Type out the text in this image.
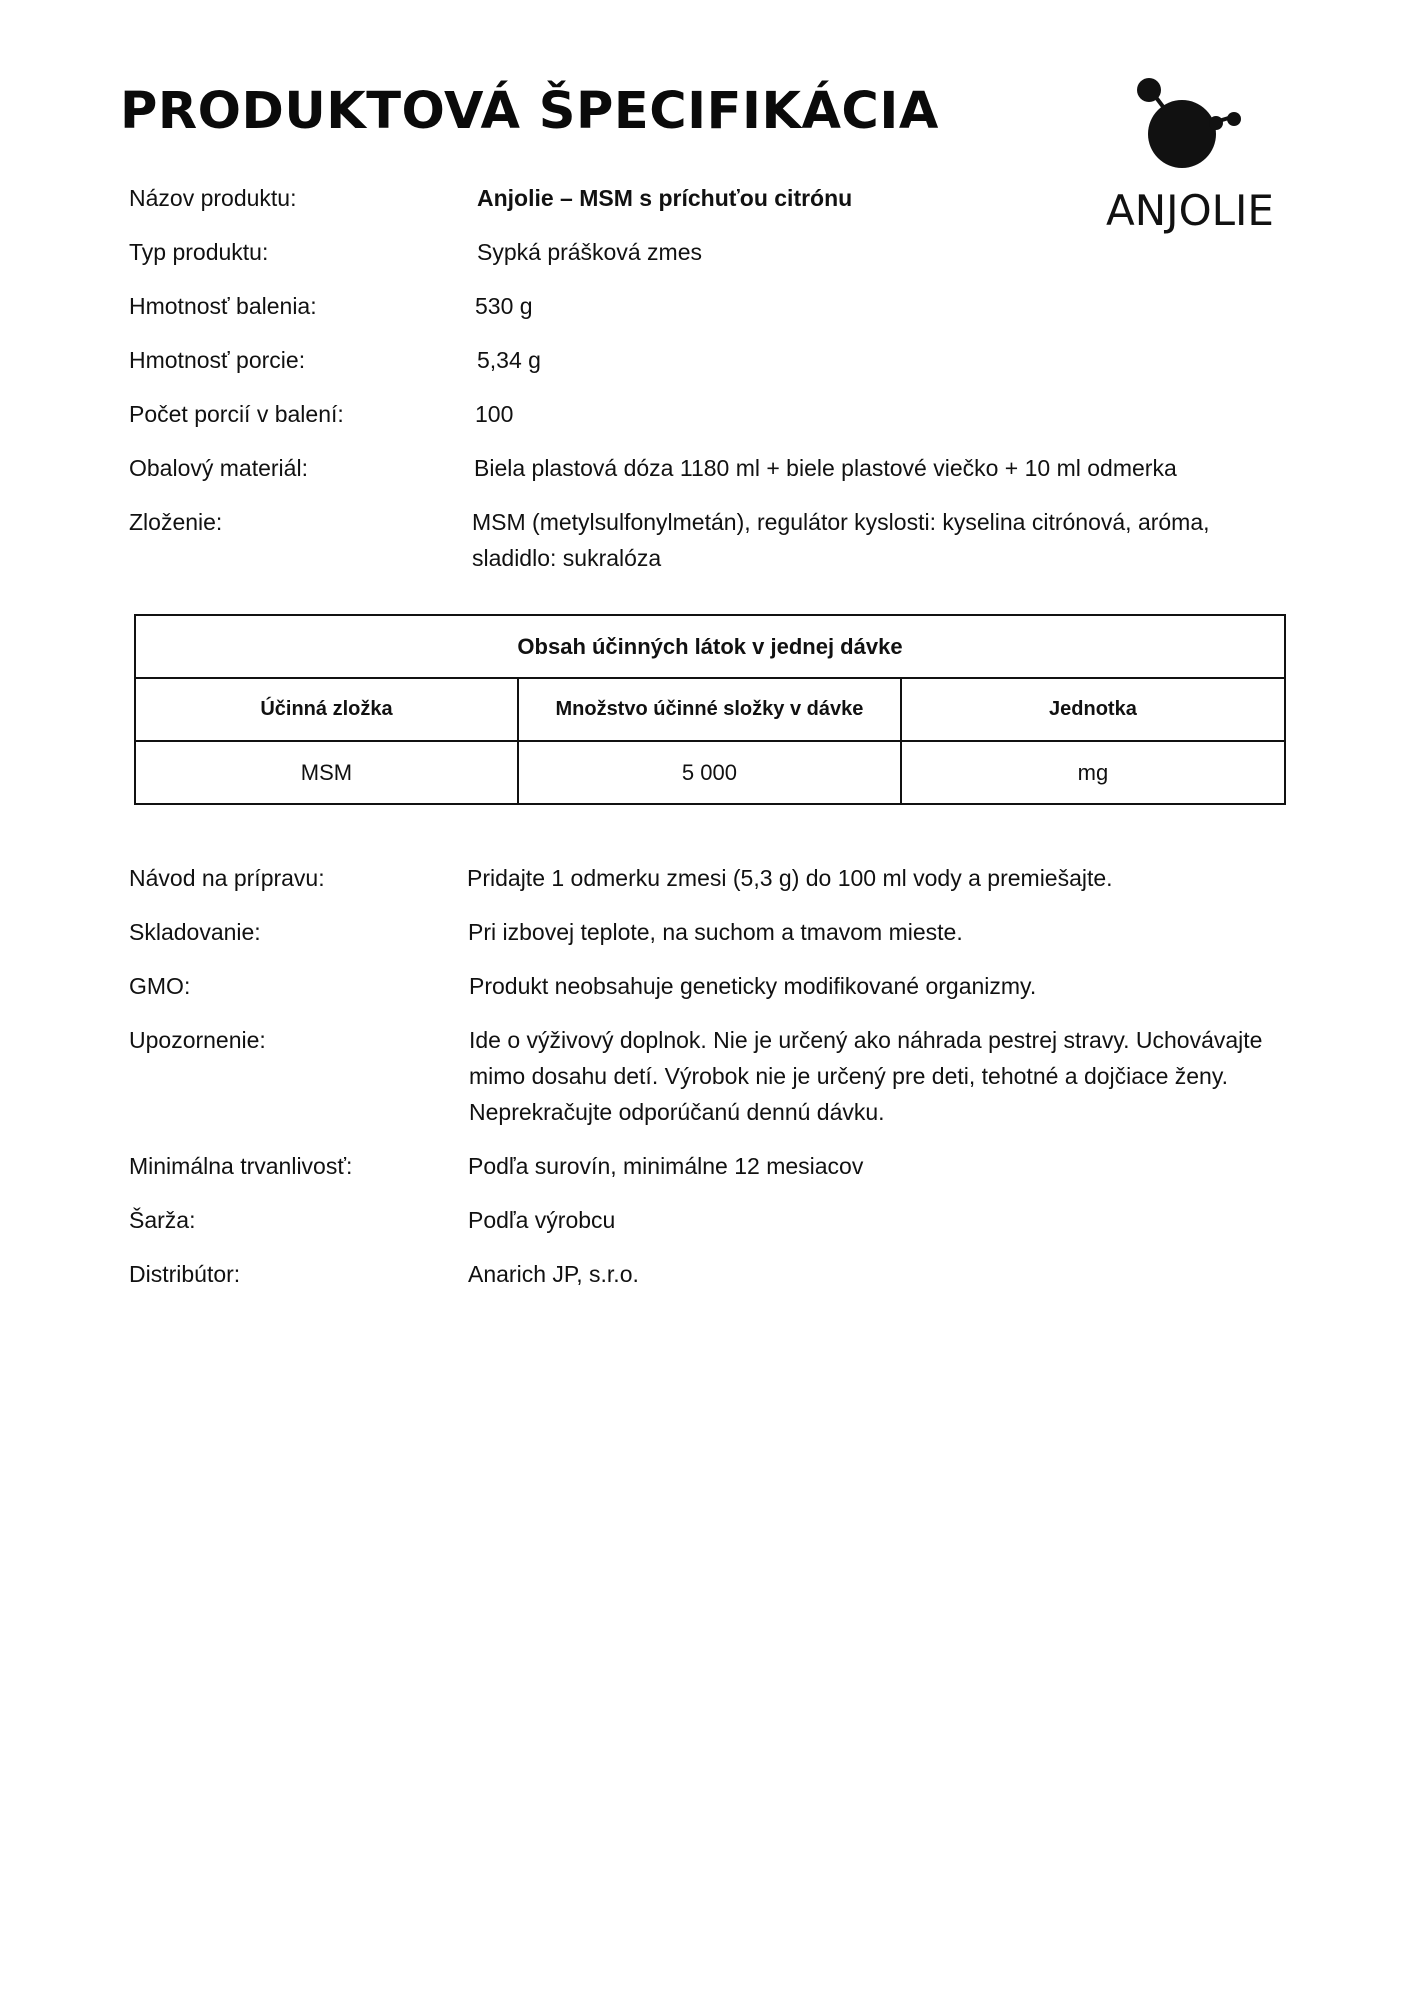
PRODUKTOVÁ ŠPECIFIKÁCIA
ANJOLIE
Názov produktu:	Anjolie – MSM s príchuťou citrónu
Typ produktu:	Sypká prášková zmes
Hmotnosť balenia:	530 g
Hmotnosť porcie:	5,34 g
Počet porcií v balení:	100
Obalový materiál:	Biela plastová dóza 1180 ml + biele plastové viečko + 10 ml odmerka
Zloženie:	MSM (metylsulfonylmetán), regulátor kyslosti: kyselina citrónová, aróma, sladidlo: sukralóza
Obsah účinných látok v jednej dávke		
Účinná zložka	Množstvo účinné složky v dávke	Jednotka
MSM	5 000	mg
Návod na prípravu:	Pridajte 1 odmerku zmesi (5,3 g) do 100 ml vody a premiešajte.
Skladovanie:	Pri izbovej teplote, na suchom a tmavom mieste.
GMO:	Produkt neobsahuje geneticky modifikované organizmy.
Upozornenie:	Ide o výživový doplnok. Nie je určený ako náhrada pestrej stravy. Uchovávajte mimo dosahu detí. Výrobok nie je určený pre deti, tehotné a dojčiace ženy. Neprekračujte odporúčanú dennú dávku.
Minimálna trvanlivosť:	Podľa surovín, minimálne 12 mesiacov
Šarža:	Podľa výrobcu
Distribútor:	Anarich JP, s.r.o.
